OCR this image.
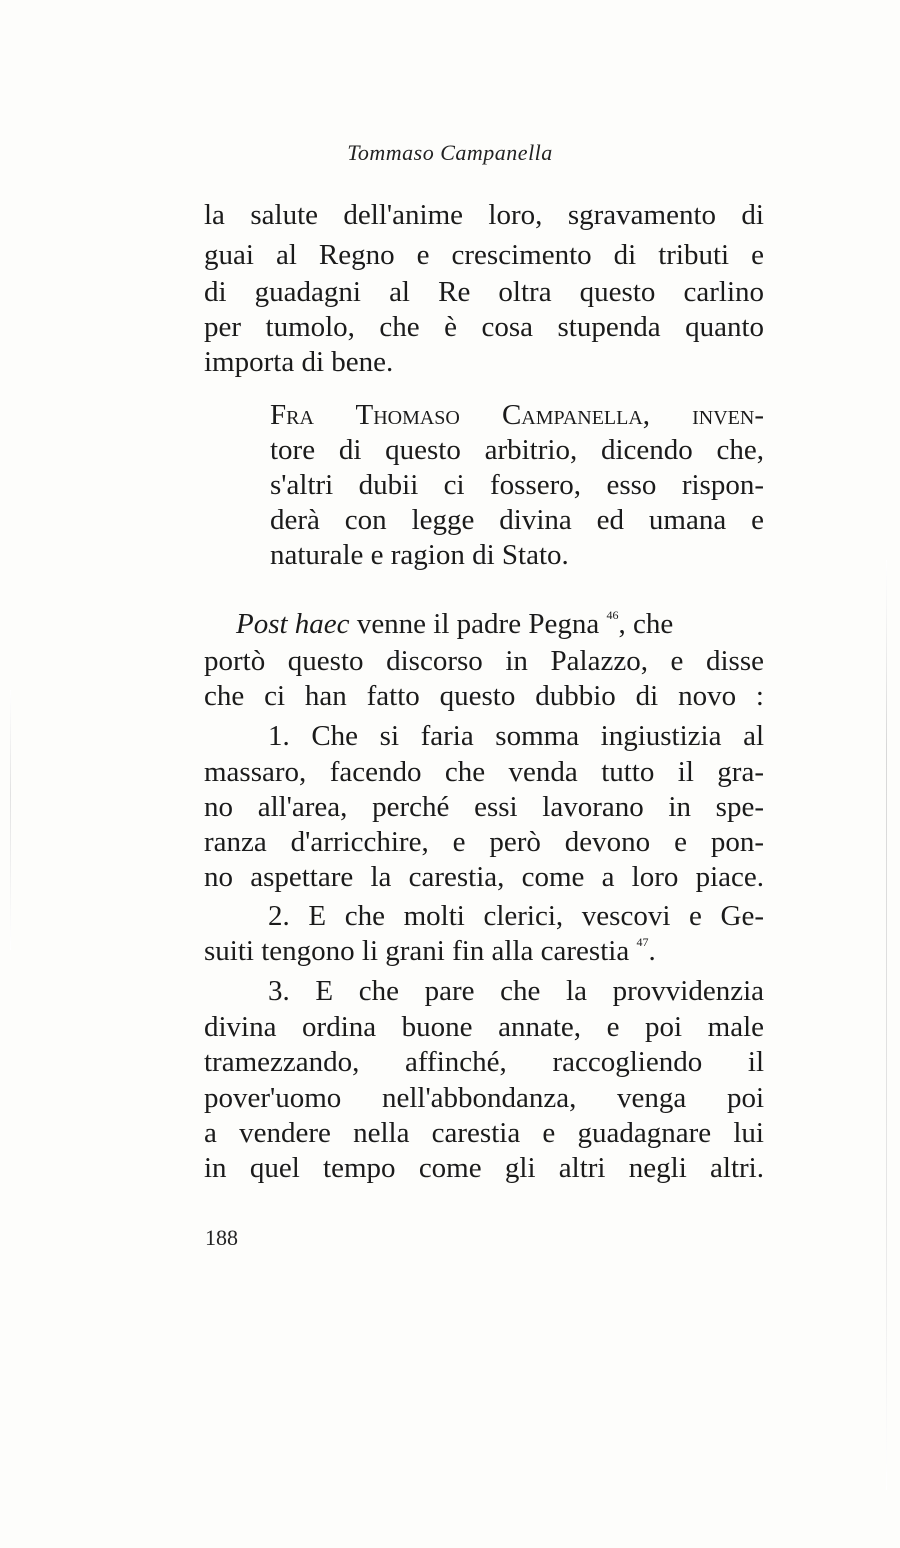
Tommaso Campanella
la salute dell'anime loro, sgravamento di
guai al Regno e crescimento di tributi e
di guadagni al Re oltra questo carlino
per tumolo, che è cosa stupenda quanto
importa di bene.
Fra Thomaso Campanella, inven-
tore di questo arbitrio, dicendo che,
s'altri dubii ci fossero, esso rispon-
derà con legge divina ed umana e
naturale e ragion di Stato.
Post haec venne il padre Pegna $^{46}$, che
portò questo discorso in Palazzo, e disse
che ci han fatto questo dubbio di novo :
1. Che si faria somma ingiustizia al
massaro, facendo che venda tutto il gra-
no all'area, perché essi lavorano in spe-
ranza d'arricchire, e però devono e pon-
no aspettare la carestia, come a loro piace.
2. E che molti clerici, vescovi e Ge-
suiti tengono li grani fin alla carestia $^{47}$.
3. E che pare che la provvidenzia
divina ordina buone annate, e poi male
tramezzando, affinché, raccogliendo il
pover'uomo nell'abbondanza, venga poi
a vendere nella carestia e guadagnare lui
in quel tempo come gli altri negli altri.
188
